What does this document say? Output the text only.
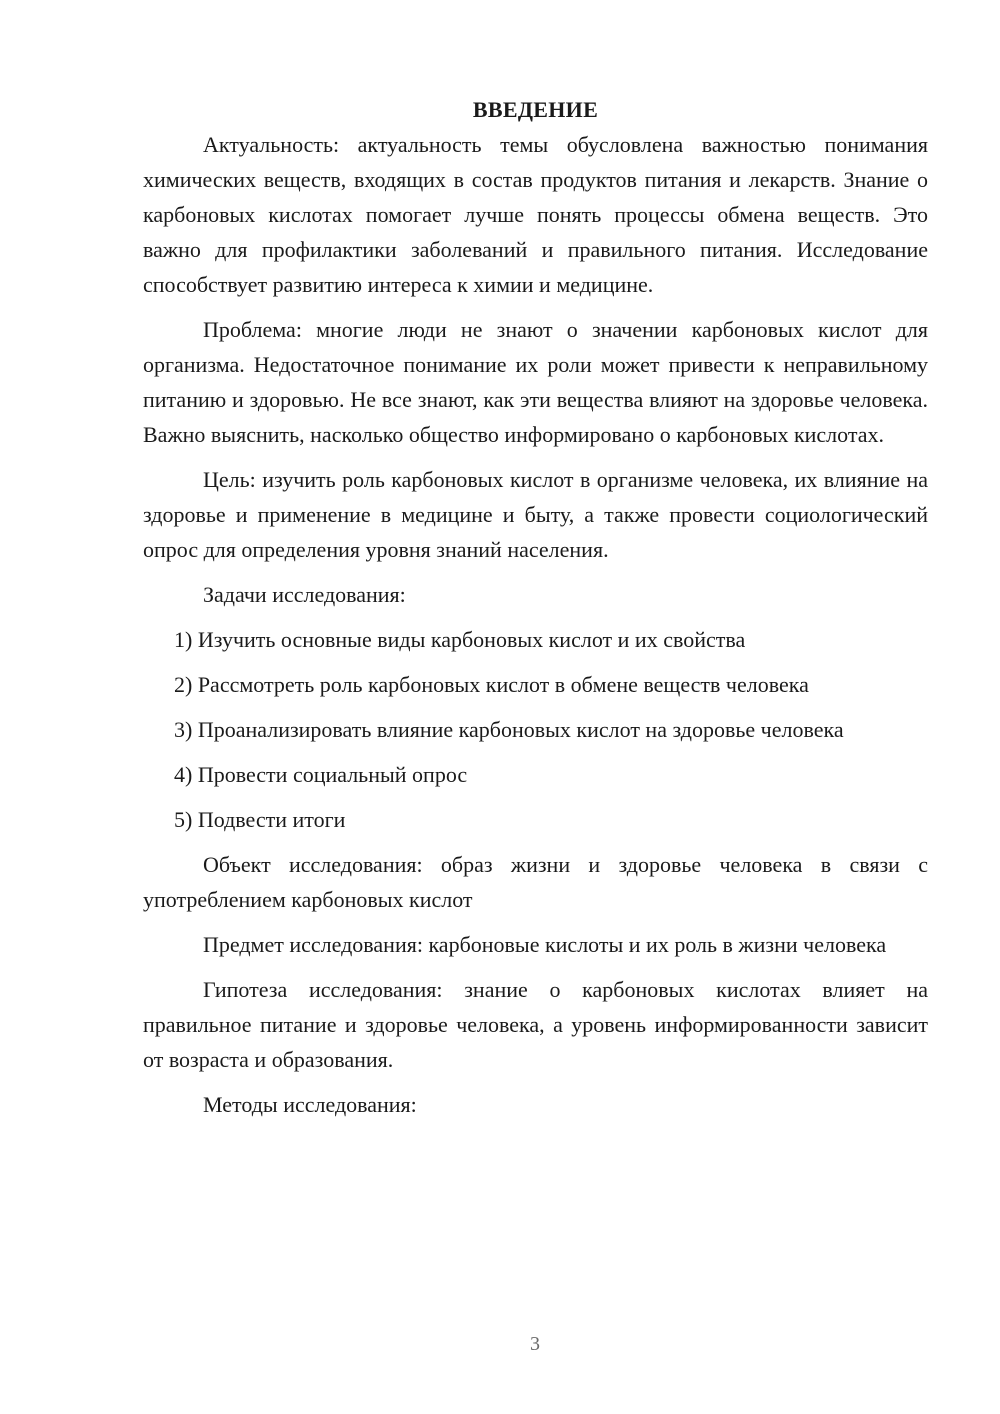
ВВЕДЕНИЕ

Актуальность: актуальность темы обусловлена важностью понимания химических веществ, входящих в состав продуктов питания и лекарств. Знание о карбоновых кислотах помогает лучше понять процессы обмена веществ. Это важно для профилактики заболеваний и правильного питания. Исследование способствует развитию интереса к химии и медицине.

Проблема: многие люди не знают о значении карбоновых кислот для организма. Недостаточное понимание их роли может привести к неправильному питанию и здоровью. Не все знают, как эти вещества влияют на здоровье человека. Важно выяснить, насколько общество информировано о карбоновых кислотах.

Цель: изучить роль карбоновых кислот в организме человека, их влияние на здоровье и применение в медицине и быту, а также провести социологический опрос для определения уровня знаний населения.

Задачи исследования:

1) Изучить основные виды карбоновых кислот и их свойства

2) Рассмотреть роль карбоновых кислот в обмене веществ человека

3) Проанализировать влияние карбоновых кислот на здоровье человека

4) Провести социальный опрос

5) Подвести итоги

Объект исследования: образ жизни и здоровье человека в связи с употреблением карбоновых кислот

Предмет исследования: карбоновые кислоты и их роль в жизни человека

Гипотеза исследования: знание о карбоновых кислотах влияет на правильное питание и здоровье человека, а уровень информированности зависит от возраста и образования.

Методы исследования:

3
